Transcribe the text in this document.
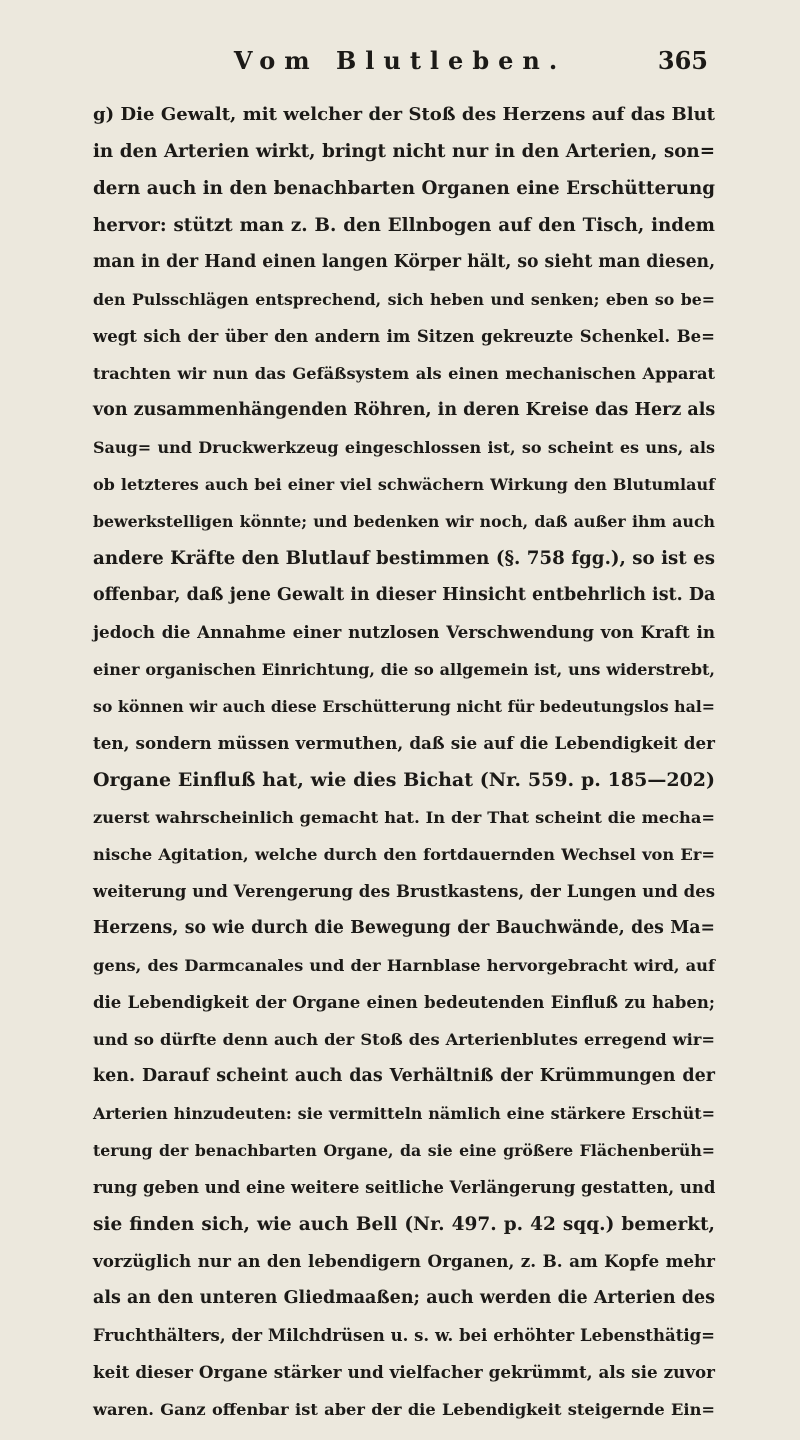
Vom Blutleben.	365
g) Die Gewalt, mit welcher der Stoß des Herzens auf das Blut
in den Arterien wirkt, bringt nicht nur in den Arterien, son=
dern auch in den benachbarten Organen eine Erschütterung
hervor: stützt man z. B. den Ellnbogen auf den Tisch, indem
man in der Hand einen langen Körper hält, so sieht man diesen,
den Pulsschlägen entsprechend, sich heben und senken; eben so be=
wegt sich der über den andern im Sitzen gekreuzte Schenkel. Be=
trachten wir nun das Gefäßsystem als einen mechanischen Apparat
von zusammenhängenden Röhren, in deren Kreise das Herz als
Saug= und Druckwerkzeug eingeschlossen ist, so scheint es uns, als
ob letzteres auch bei einer viel schwächern Wirkung den Blutumlauf
bewerkstelligen könnte; und bedenken wir noch, daß außer ihm auch
andere Kräfte den Blutlauf bestimmen (§. 758 fgg.), so ist es
offenbar, daß jene Gewalt in dieser Hinsicht entbehrlich ist. Da
jedoch die Annahme einer nutzlosen Verschwendung von Kraft in
einer organischen Einrichtung, die so allgemein ist, uns widerstrebt,
so können wir auch diese Erschütterung nicht für bedeutungslos hal=
ten, sondern müssen vermuthen, daß sie auf die Lebendigkeit der
Organe Einfluß hat, wie dies Bichat (Nr. 559. p. 185—202)
zuerst wahrscheinlich gemacht hat. In der That scheint die mecha=
nische Agitation, welche durch den fortdauernden Wechsel von Er=
weiterung und Verengerung des Brustkastens, der Lungen und des
Herzens, so wie durch die Bewegung der Bauchwände, des Ma=
gens, des Darmcanales und der Harnblase hervorgebracht wird, auf
die Lebendigkeit der Organe einen bedeutenden Einfluß zu haben;
und so dürfte denn auch der Stoß des Arterienblutes erregend wir=
ken. Darauf scheint auch das Verhältniß der Krümmungen der
Arterien hinzudeuten: sie vermitteln nämlich eine stärkere Erschüt=
terung der benachbarten Organe, da sie eine größere Flächenberüh=
rung geben und eine weitere seitliche Verlängerung gestatten, und
sie finden sich, wie auch Bell (Nr. 497. p. 42 sqq.) bemerkt,
vorzüglich nur an den lebendigern Organen, z. B. am Kopfe mehr
als an den unteren Gliedmaaßen; auch werden die Arterien des
Fruchthälters, der Milchdrüsen u. s. w. bei erhöhter Lebensthätig=
keit dieser Organe stärker und vielfacher gekrümmt, als sie zuvor
waren. Ganz offenbar ist aber der die Lebendigkeit steigernde Ein=
